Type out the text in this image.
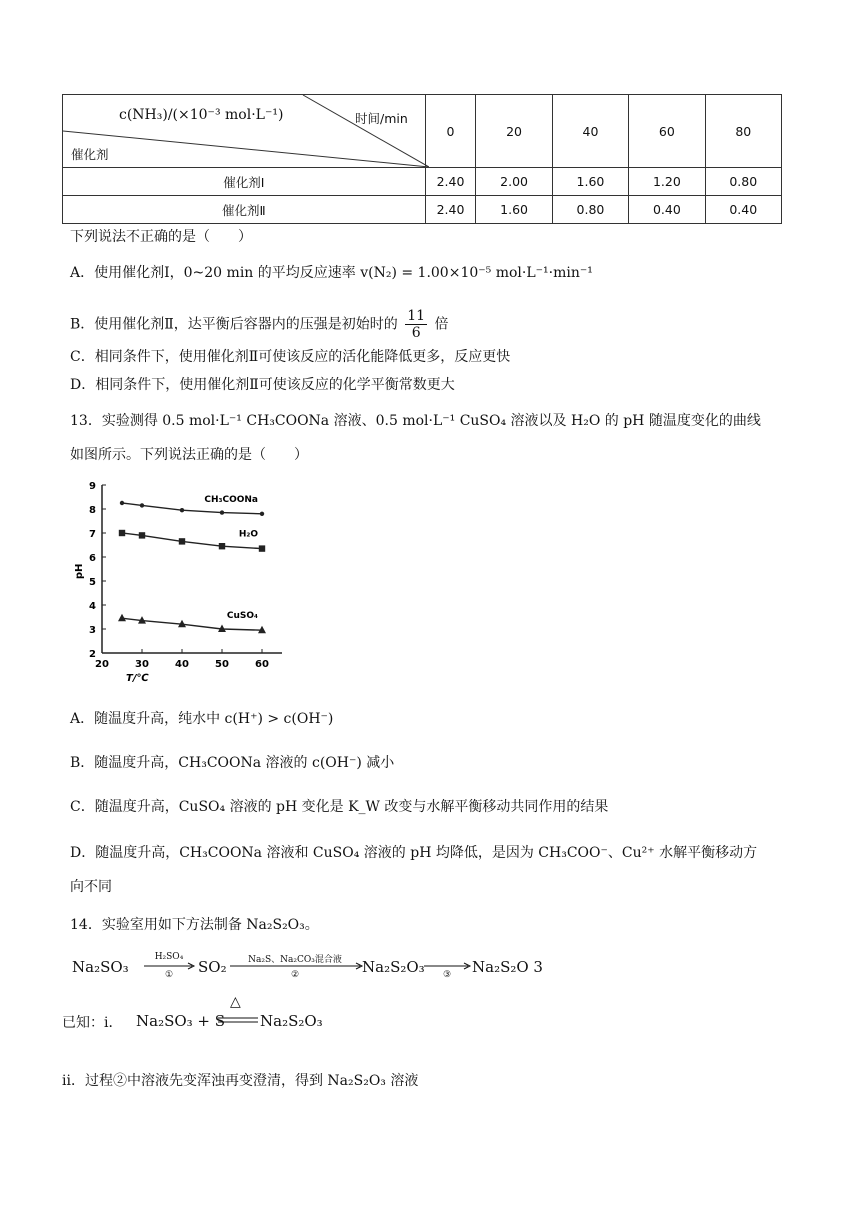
c(NH₃)/(×10⁻³ mol·L⁻¹) 时间/min
催化剂	0	20	40	60	80
催化剂Ⅰ	2.40	2.00	1.60	1.20	0.80
催化剂Ⅱ	2.40	1.60	0.80	0.40	0.40
下列说法不正确的是（　　）
A．使用催化剂Ⅰ，0~20 min 的平均反应速率 v(N₂) = 1.00×10⁻⁵ mol·L⁻¹·min⁻¹
B．使用催化剂Ⅱ，达平衡后容器内的压强是初始时的 $\frac{11}{6}$ 倍
C．相同条件下，使用催化剂Ⅱ可使该反应的活化能降低更多，反应更快
D．相同条件下，使用催化剂Ⅱ可使该反应的化学平衡常数更大
13．实验测得 0.5 mol·L⁻¹ CH₃COONa 溶液、0.5 mol·L⁻¹ CuSO₄ 溶液以及 H₂O 的 pH 随温度变化的曲线
如图所示。下列说法正确的是（　　）
2
3
4
5
6
7
8
9
20	30	40	50	60
T/℃
pH
CH₃COONa
H₂O
CuSO₄
A．随温度升高，纯水中 c(H⁺) > c(OH⁻)
B．随温度升高，CH₃COONa 溶液的 c(OH⁻) 减小
C．随温度升高，CuSO₄ 溶液的 pH 变化是 K_W 改变与水解平衡移动共同作用的结果
D．随温度升高，CH₃COONa 溶液和 CuSO₄ 溶液的 pH 均降低，是因为 CH₃COO⁻、Cu²⁺ 水解平衡移动方
向不同
14．实验室用如下方法制备 Na₂S₂O₃。
Na₂SO₃
H₂SO₄
①	SO₂	Na₂S、Na₂CO₃混合液
②	Na₂S₂O₃	③	Na₂S₂O 3
已知：i． Na₂SO₃ + S
△
Na₂S₂O₃
ii．过程②中溶液先变浑浊再变澄清，得到 Na₂S₂O₃ 溶液
